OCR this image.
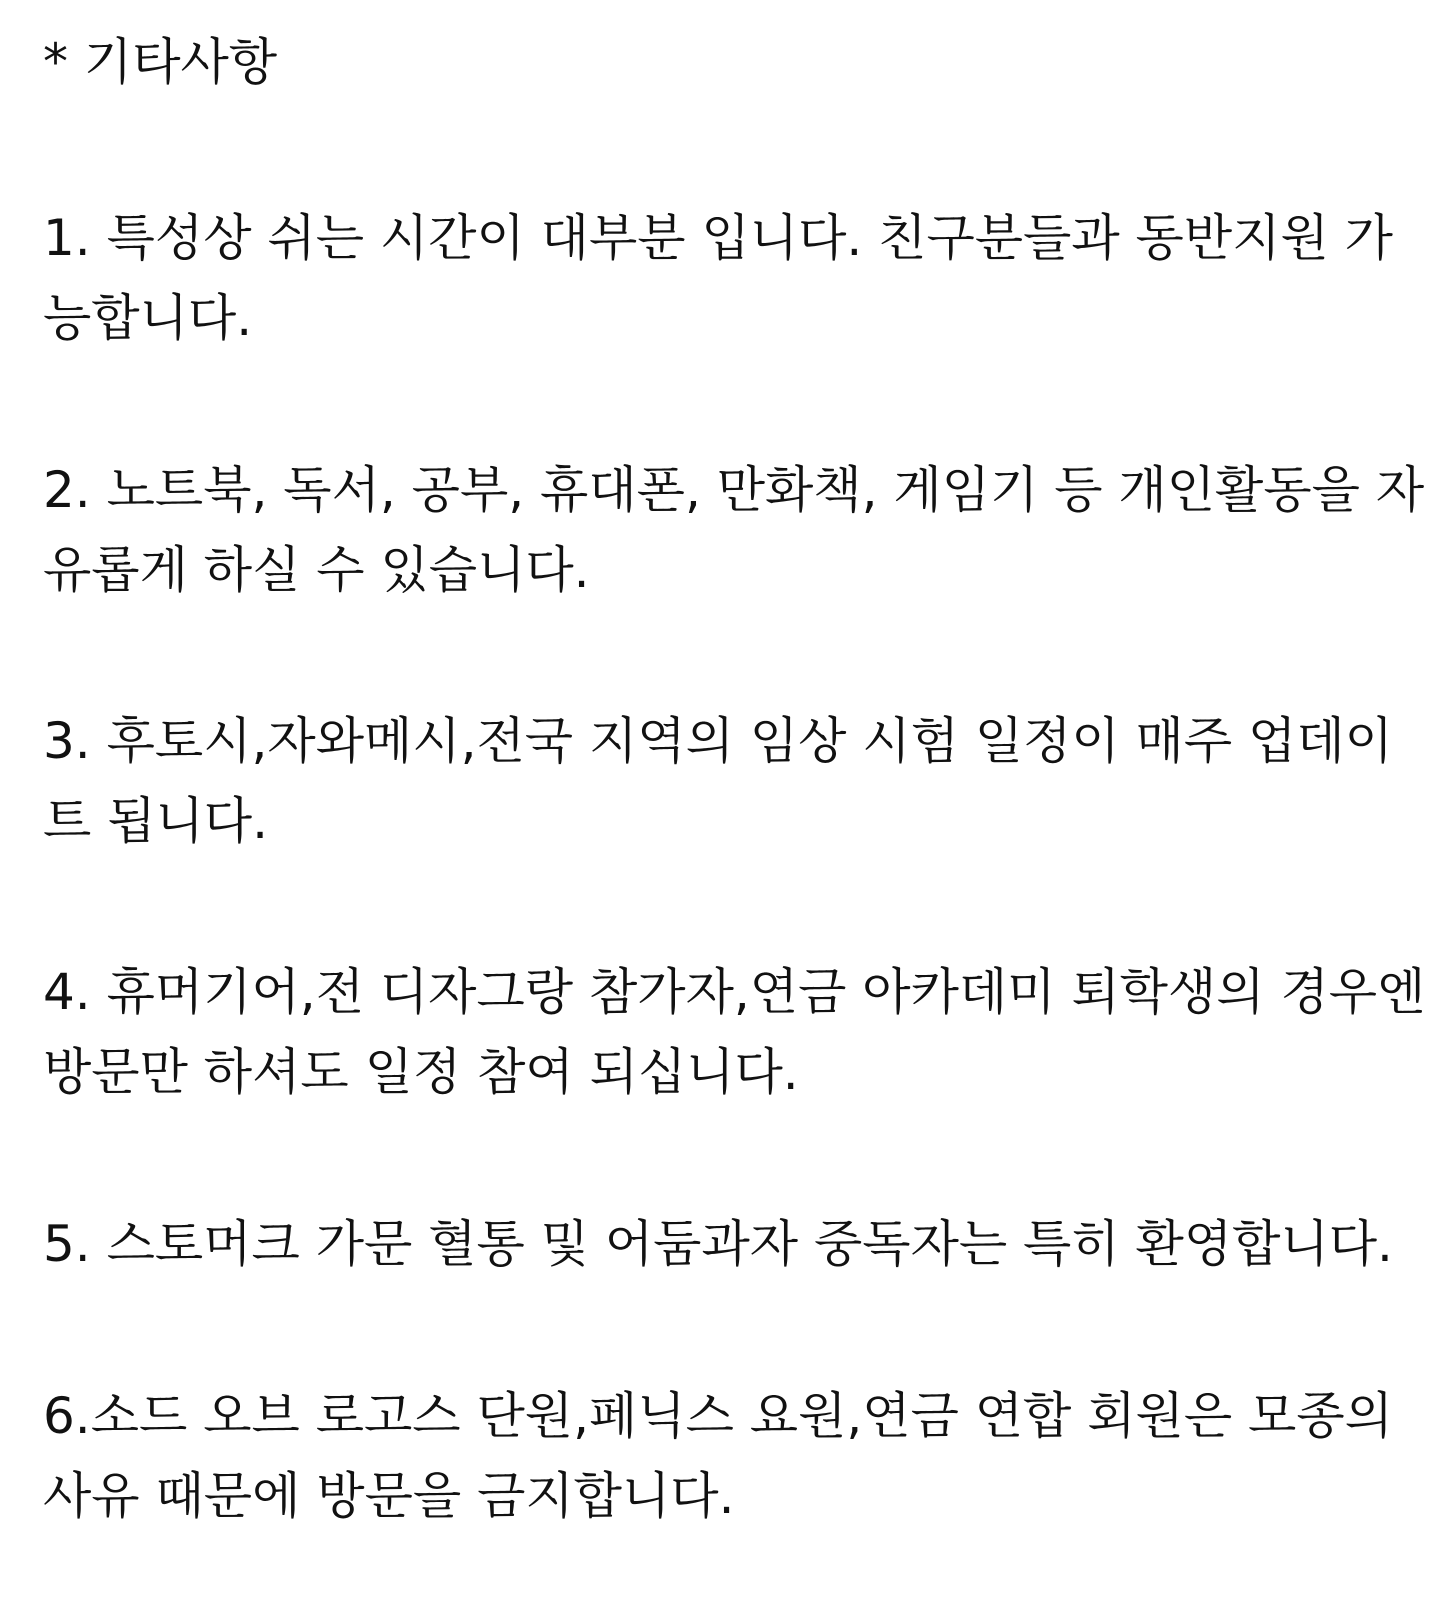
* 기타사항

1. 특성상 쉬는 시간이 대부분 입니다. 친구분들과 동반지원 가
능합니다.

2. 노트북, 독서, 공부, 휴대폰, 만화책, 게임기 등 개인활동을 자
유롭게 하실 수 있습니다.

3. 후토시,자와메시,전국 지역의 임상 시험 일정이 매주 업데이
트 됩니다.

4. 휴머기어,전 디자그랑 참가자,연금 아카데미 퇴학생의 경우엔
방문만 하셔도 일정 참여 되십니다.

5. 스토머크 가문 혈통 및 어둠과자 중독자는 특히 환영합니다.

6.소드 오브 로고스 단원,페닉스 요원,연금 연합 회원은 모종의
사유 때문에 방문을 금지합니다.
